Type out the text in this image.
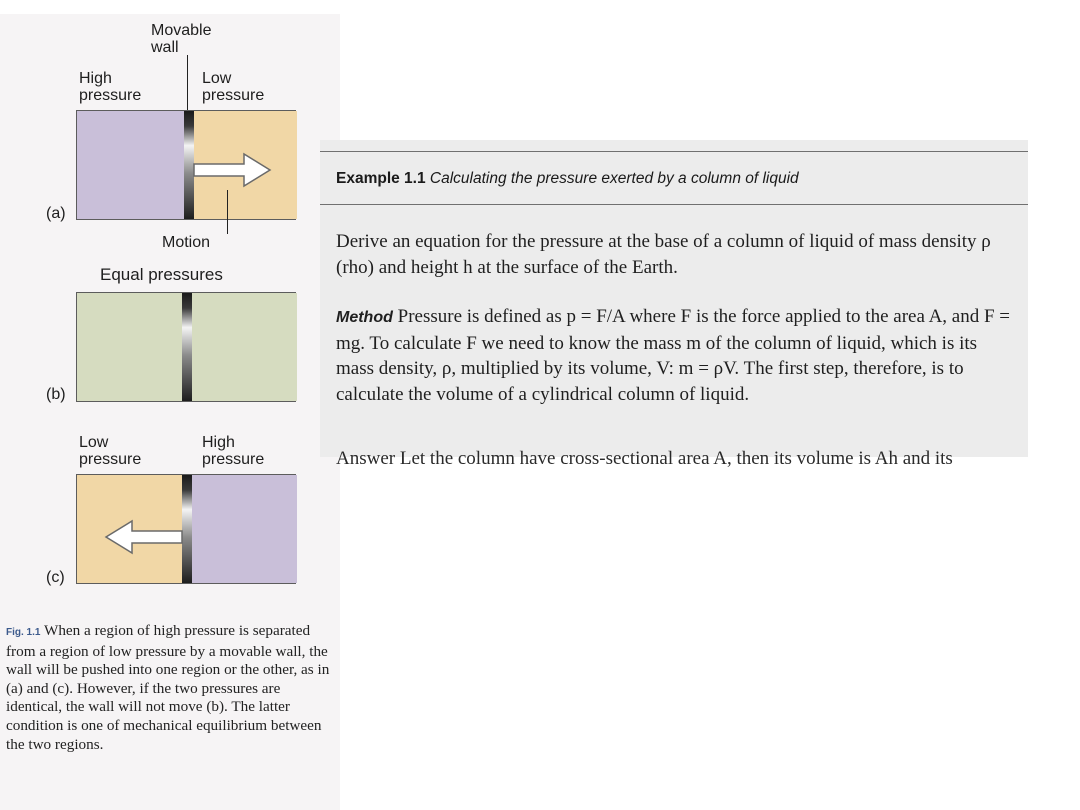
Movable
wall
High
pressure
Low
pressure
Motion
(a)
Equal pressures
(b)
Low
pressure
High
pressure
(c)
Fig. 1.1 When a region of high pressure is separated from a region of low pressure by a movable wall, the wall will be pushed into one region or the other, as in (a) and (c). However, if the two pressures are identical, the wall will not move (b). The latter condition is one of mechanical equilibrium between the two regions.
Example 1.1 Calculating the pressure exerted by a column of liquid

Derive an equation for the pressure at the base of a column of liquid of mass density ρ (rho) and height h at the surface of the Earth.

Method Pressure is defined as p = F/A where F is the force applied to the area A, and F = mg. To calculate F we need to know the mass m of the column of liquid, which is its mass density, ρ, multiplied by its volume, V: m = ρV. The first step, therefore, is to calculate the volume of a cylindrical column of liquid.

Answer Let the column have cross-sectional area A, then its volume is Ah and its
